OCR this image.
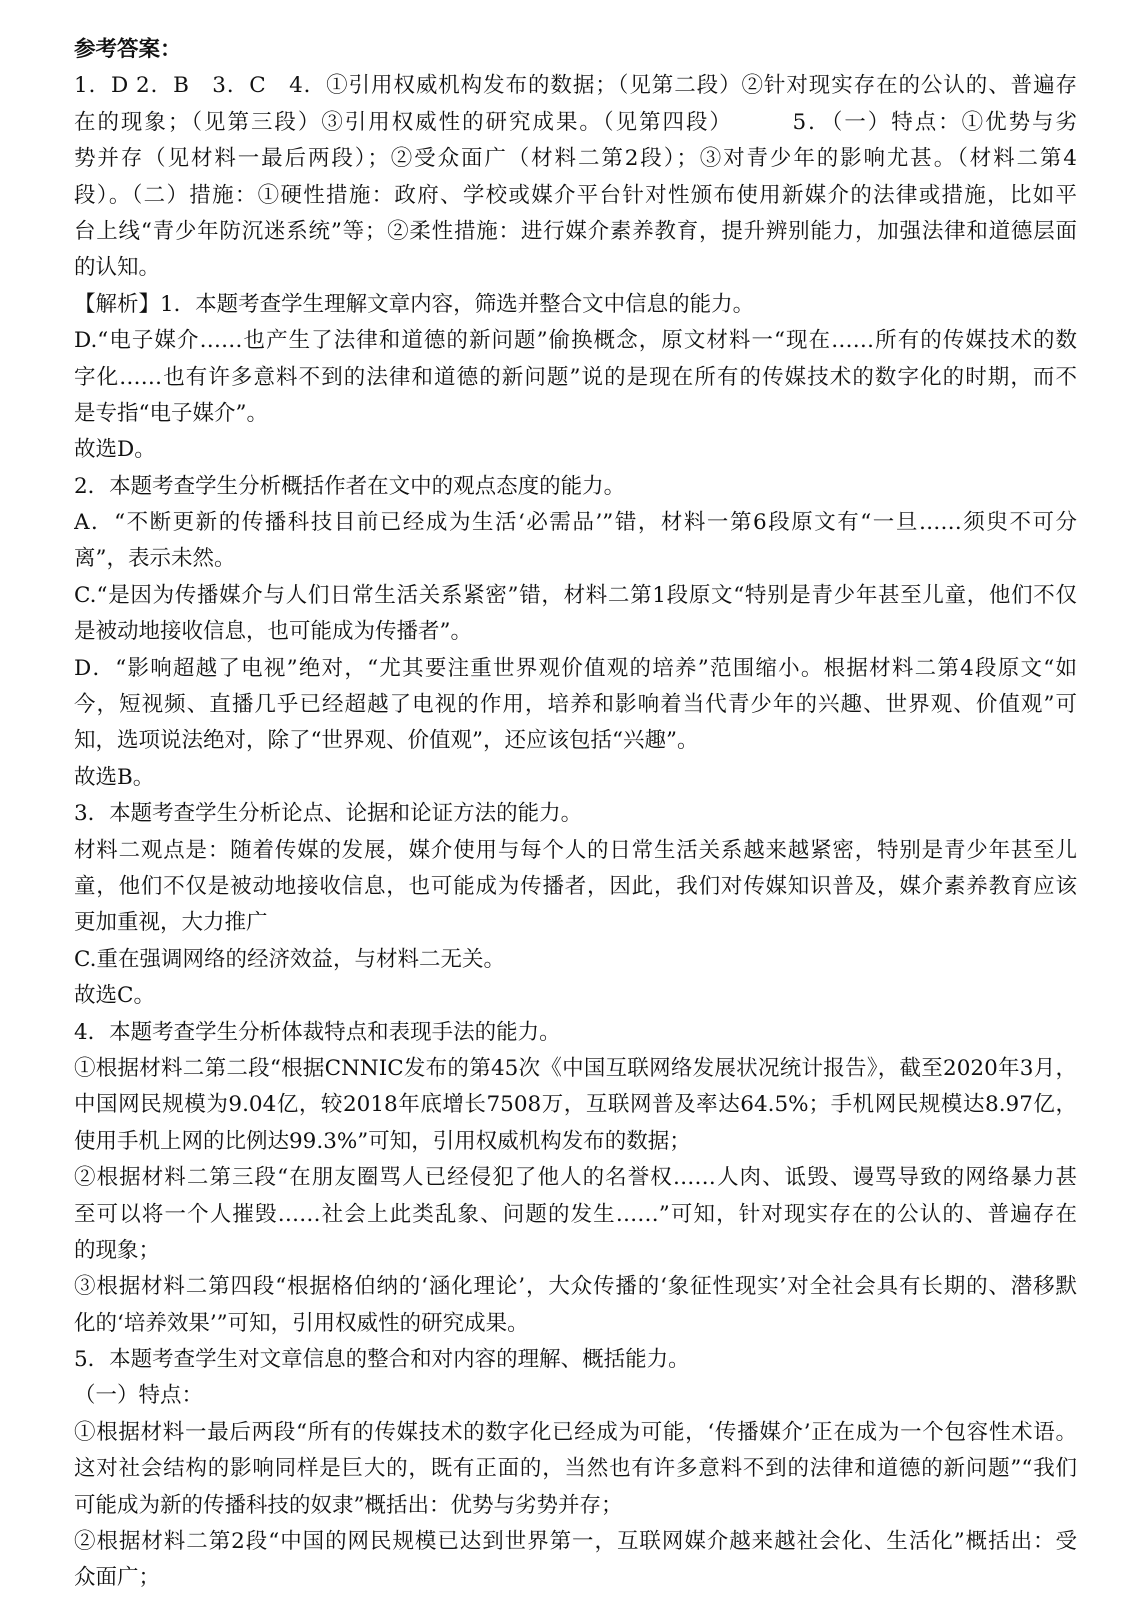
参考答案：
1．D 2．B　3．C　4．①引用权威机构发布的数据；（见第二段）②针对现实存在的公认的、普遍存
在的现象；（见第三段）③引用权威性的研究成果。（见第四段）　　　5．（一）特点：①优势与劣
势并存（见材料一最后两段）；②受众面广（材料二第2段）；③对青少年的影响尤甚。（材料二第4
段）。（二）措施：①硬性措施：政府、学校或媒介平台针对性颁布使用新媒介的法律或措施，比如平
台上线“青少年防沉迷系统”等；②柔性措施：进行媒介素养教育，提升辨别能力，加强法律和道德层面
的认知。
【解析】1．本题考查学生理解文章内容，筛选并整合文中信息的能力。
D.“电子媒介……也产生了法律和道德的新问题”偷换概念，原文材料一“现在……所有的传媒技术的数
字化……也有许多意料不到的法律和道德的新问题”说的是现在所有的传媒技术的数字化的时期，而不
是专指“电子媒介”。
故选D。
2．本题考查学生分析概括作者在文中的观点态度的能力。
A．“不断更新的传播科技目前已经成为生活‘必需品’”错，材料一第6段原文有“一旦……须臾不可分
离”，表示未然。
C.“是因为传播媒介与人们日常生活关系紧密”错，材料二第1段原文“特别是青少年甚至儿童，他们不仅
是被动地接收信息，也可能成为传播者”。
D．“影响超越了电视”绝对，“尤其要注重世界观价值观的培养”范围缩小。根据材料二第4段原文“如
今，短视频、直播几乎已经超越了电视的作用，培养和影响着当代青少年的兴趣、世界观、价值观”可
知，选项说法绝对，除了“世界观、价值观”，还应该包括“兴趣”。
故选B。
3．本题考查学生分析论点、论据和论证方法的能力。
材料二观点是：随着传媒的发展，媒介使用与每个人的日常生活关系越来越紧密，特别是青少年甚至儿
童，他们不仅是被动地接收信息，也可能成为传播者，因此，我们对传媒知识普及，媒介素养教育应该
更加重视，大力推广
C.重在强调网络的经济效益，与材料二无关。
故选C。
4．本题考查学生分析体裁特点和表现手法的能力。
①根据材料二第二段“根据CNNIC发布的第45次《中国互联网络发展状况统计报告》，截至2020年3月，
中国网民规模为9.04亿，较2018年底增长7508万，互联网普及率达64.5%；手机网民规模达8.97亿，
使用手机上网的比例达99.3%”可知，引用权威机构发布的数据；
②根据材料二第三段“在朋友圈骂人已经侵犯了他人的名誉权……人肉、诋毁、谩骂导致的网络暴力甚
至可以将一个人摧毁……社会上此类乱象、问题的发生……”可知，针对现实存在的公认的、普遍存在
的现象；
③根据材料二第四段“根据格伯纳的‘涵化理论’，大众传播的‘象征性现实’对全社会具有长期的、潜移默
化的‘培养效果’”可知，引用权威性的研究成果。
5．本题考查学生对文章信息的整合和对内容的理解、概括能力。
（一）特点：
①根据材料一最后两段“所有的传媒技术的数字化已经成为可能，‘传播媒介’正在成为一个包容性术语。
这对社会结构的影响同样是巨大的，既有正面的，当然也有许多意料不到的法律和道德的新问题”“我们
可能成为新的传播科技的奴隶”概括出：优势与劣势并存；
②根据材料二第2段“中国的网民规模已达到世界第一，互联网媒介越来越社会化、生活化”概括出：受
众面广；
